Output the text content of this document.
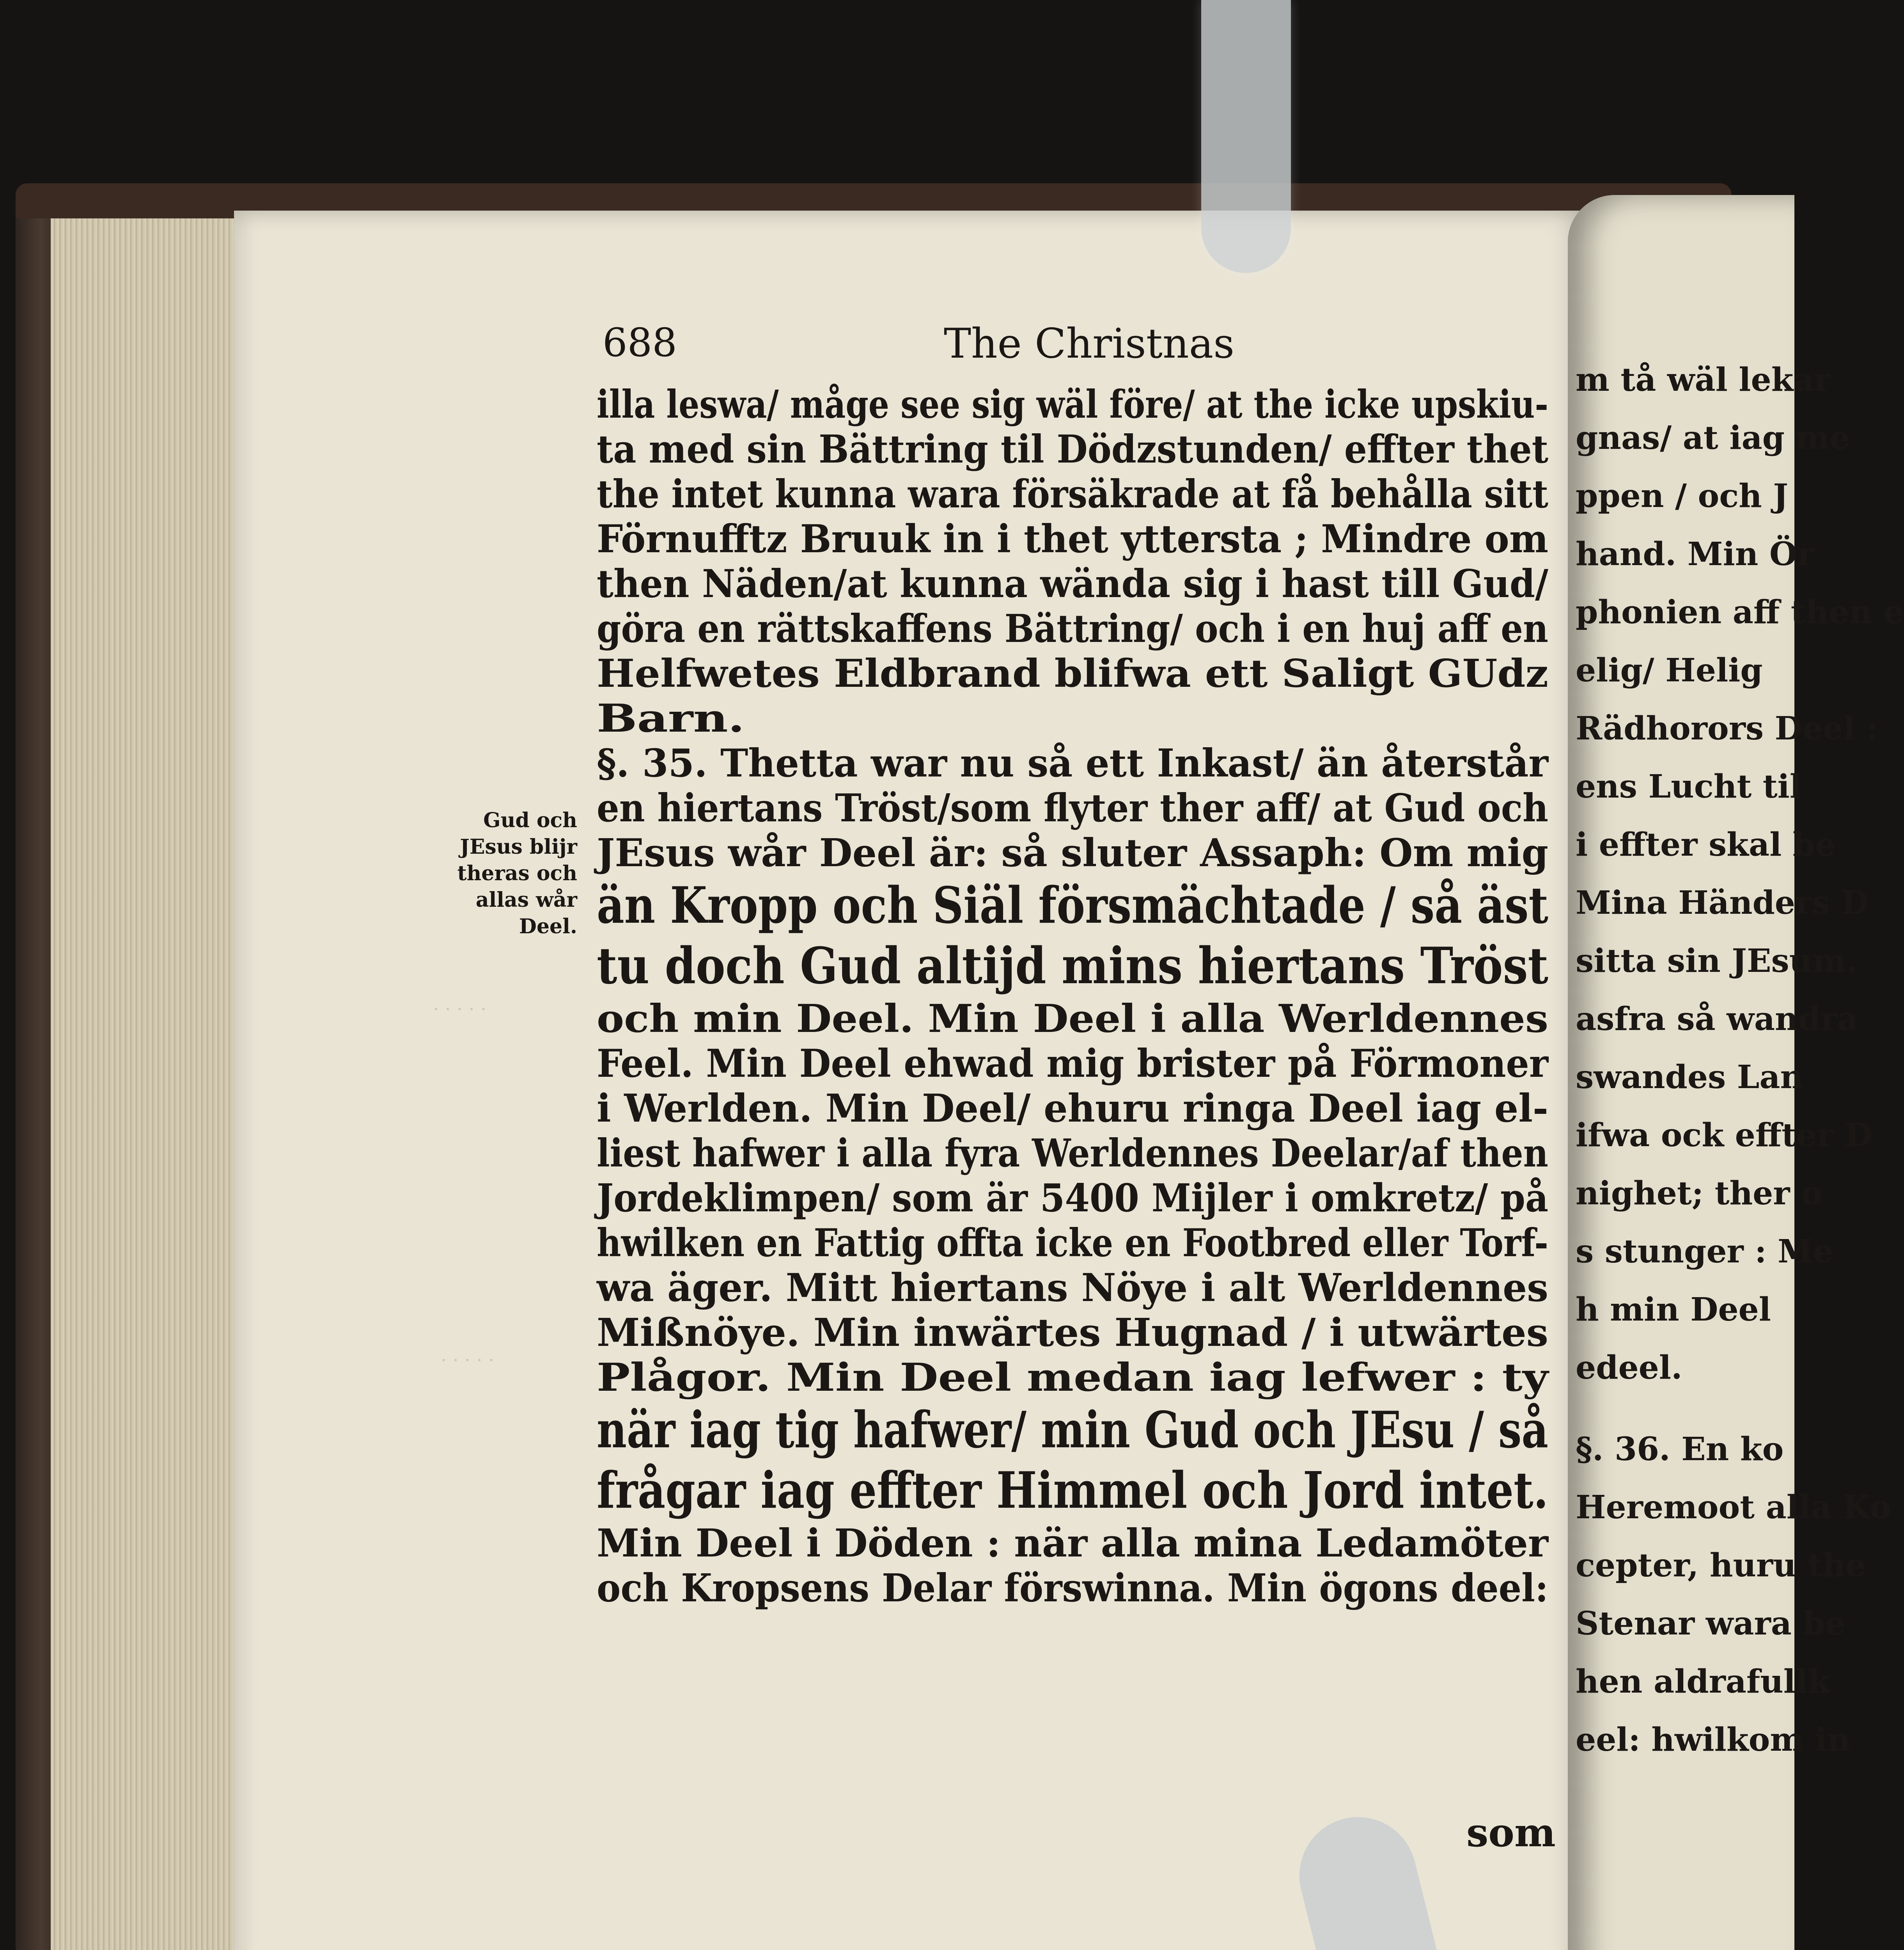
· · · · ·
· · · · ·
688	The Christnas
Gud och
JEsus blijr
theras och
allas wår
Deel.
illa leswa/ måge see sig wäl före/ at the icke upskiu-
ta med sin Bättring til Dödzstunden/ effter thet
the intet kunna wara försäkrade at få behålla sitt
Förnufftz Bruuk in i thet yttersta ; Mindre om
then Näden/at kunna wända sig i hast till Gud/
göra en rättskaffens Bättring/ och i en huj aff en
Helfwetes Eldbrand blifwa ett Saligt GUdz
Barn.
§. 35. Thetta war nu så ett Inkast/ än återstår
en hiertans Tröst/som flyter ther aff/ at Gud och
JEsus wår Deel är: så sluter Assaph: Om mig
än Kropp och Siäl försmächtade / så äst
tu doch Gud altijd mins hiertans Tröst
och min Deel. Min Deel i alla Werldennes
Feel. Min Deel ehwad mig brister på Förmoner
i Werlden. Min Deel/ ehuru ringa Deel iag el-
liest hafwer i alla fyra Werldennes Deelar/af then
Jordeklimpen/ som är 5400 Mijler i omkretz/ på
hwilken en Fattig offta icke en Footbred eller Torf-
wa äger. Mitt hiertans Nöye i alt Werldennes
Mißnöye. Min inwärtes Hugnad / i utwärtes
Plågor. Min Deel medan iag lefwer : ty
när iag tig hafwer/ min Gud och JEsu / så
frågar iag effter Himmel och Jord intet.
Min Deel i Döden : när alla mina Ledamöter
och Kropsens Delar förswinna. Min ögons deel:
som
m tå wäl lekar
gnas/ at iag me
ppen / och J
hand. Min Ör
phonien aff then e
elig/ Helig
Rädhorors Deel :
ens Lucht til
i effter skal be
Mina Händers D
sitta sin JEsum.
asfra så wandra
swandes Lan
ifwa ock effter D
nighet; ther o
s stunger : Me
h min Deel
edeel.
§. 36. En ko
Heremoot alla Ko
cepter, huru the
Stenar wara be
hen aldrafullk
eel: hwilkom in
